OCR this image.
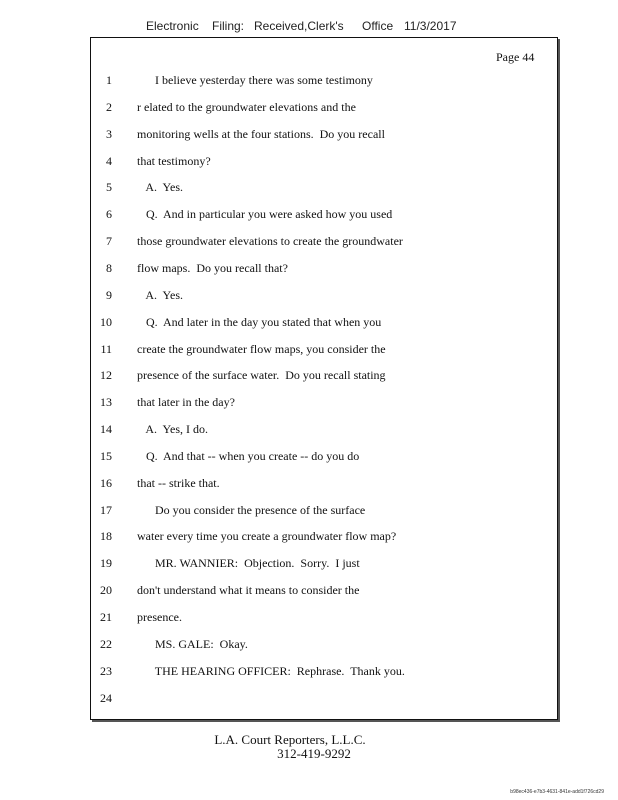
Electronic Filing: Received,Clerk's Office 11/3/2017
Page 44
1 I believe yesterday there was some testimony
2 r elated to the groundwater elevations and the
3 monitoring wells at the four stations.  Do you recall
4 that testimony?
5 A.  Yes.
6 Q.  And in particular you were asked how you used
7 those groundwater elevations to create the groundwater
8 flow maps.  Do you recall that?
9 A.  Yes.
10 Q.  And later in the day you stated that when you
11 create the groundwater flow maps, you consider the
12 presence of the surface water.  Do you recall stating
13 that later in the day?
14 A.  Yes, I do.
15 Q.  And that -- when you create -- do you do
16 that -- strike that.
17 Do you consider the presence of the surface
18 water every time you create a groundwater flow map?
19 MR. WANNIER:  Objection.  Sorry.  I just
20 don't understand what it means to consider the
21 presence.
22 MS. GALE:  Okay.
23 THE HEARING OFFICER:  Rephrase.  Thank you.
24
L.A. Court Reporters, L.L.C.
312-419-9292
b98ec436-e7b3-4631-841e-add1f726cd29
